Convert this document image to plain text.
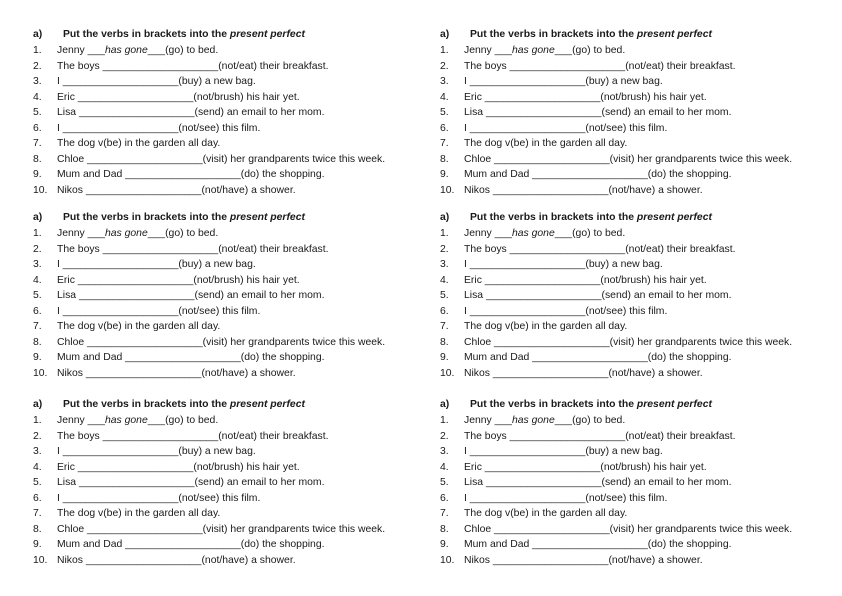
a) Put the verbs in brackets into the present perfect
1. Jenny ___has gone___(go) to bed.
2. The boys ____________________(not/eat) their breakfast.
3. I ____________________(buy) a new bag.
4. Eric ____________________(not/brush) his hair yet.
5. Lisa ____________________(send) an email to her mom.
6. I ____________________(not/see) this film.
7. The dog v(be) in the garden all day.
8. Chloe ____________________(visit) her grandparents twice this week.
9. Mum and Dad ____________________(do) the shopping.
10. Nikos ____________________(not/have) a shower.
a) Put the verbs in brackets into the present perfect
1. Jenny ___has gone___(go) to bed.
2. The boys ____________________(not/eat) their breakfast.
3. I ____________________(buy) a new bag.
4. Eric ____________________(not/brush) his hair yet.
5. Lisa ____________________(send) an email to her mom.
6. I ____________________(not/see) this film.
7. The dog v(be) in the garden all day.
8. Chloe ____________________(visit) her grandparents twice this week.
9. Mum and Dad ____________________(do) the shopping.
10. Nikos ____________________(not/have) a shower.
a) Put the verbs in brackets into the present perfect
1. Jenny ___has gone___(go) to bed.
2. The boys ____________________(not/eat) their breakfast.
3. I ____________________(buy) a new bag.
4. Eric ____________________(not/brush) his hair yet.
5. Lisa ____________________(send) an email to her mom.
6. I ____________________(not/see) this film.
7. The dog v(be) in the garden all day.
8. Chloe ____________________(visit) her grandparents twice this week.
9. Mum and Dad ____________________(do) the shopping.
10. Nikos ____________________(not/have) a shower.
a) Put the verbs in brackets into the present perfect
1. Jenny ___has gone___(go) to bed.
2. The boys ____________________(not/eat) their breakfast.
3. I ____________________(buy) a new bag.
4. Eric ____________________(not/brush) his hair yet.
5. Lisa ____________________(send) an email to her mom.
6. I ____________________(not/see) this film.
7. The dog v(be) in the garden all day.
8. Chloe ____________________(visit) her grandparents twice this week.
9. Mum and Dad ____________________(do) the shopping.
10. Nikos ____________________(not/have) a shower.
a) Put the verbs in brackets into the present perfect
1. Jenny ___has gone___(go) to bed.
2. The boys ____________________(not/eat) their breakfast.
3. I ____________________(buy) a new bag.
4. Eric ____________________(not/brush) his hair yet.
5. Lisa ____________________(send) an email to her mom.
6. I ____________________(not/see) this film.
7. The dog v(be) in the garden all day.
8. Chloe ____________________(visit) her grandparents twice this week.
9. Mum and Dad ____________________(do) the shopping.
10. Nikos ____________________(not/have) a shower.
a) Put the verbs in brackets into the present perfect
1. Jenny ___has gone___(go) to bed.
2. The boys ____________________(not/eat) their breakfast.
3. I ____________________(buy) a new bag.
4. Eric ____________________(not/brush) his hair yet.
5. Lisa ____________________(send) an email to her mom.
6. I ____________________(not/see) this film.
7. The dog v(be) in the garden all day.
8. Chloe ____________________(visit) her grandparents twice this week.
9. Mum and Dad ____________________(do) the shopping.
10. Nikos ____________________(not/have) a shower.
